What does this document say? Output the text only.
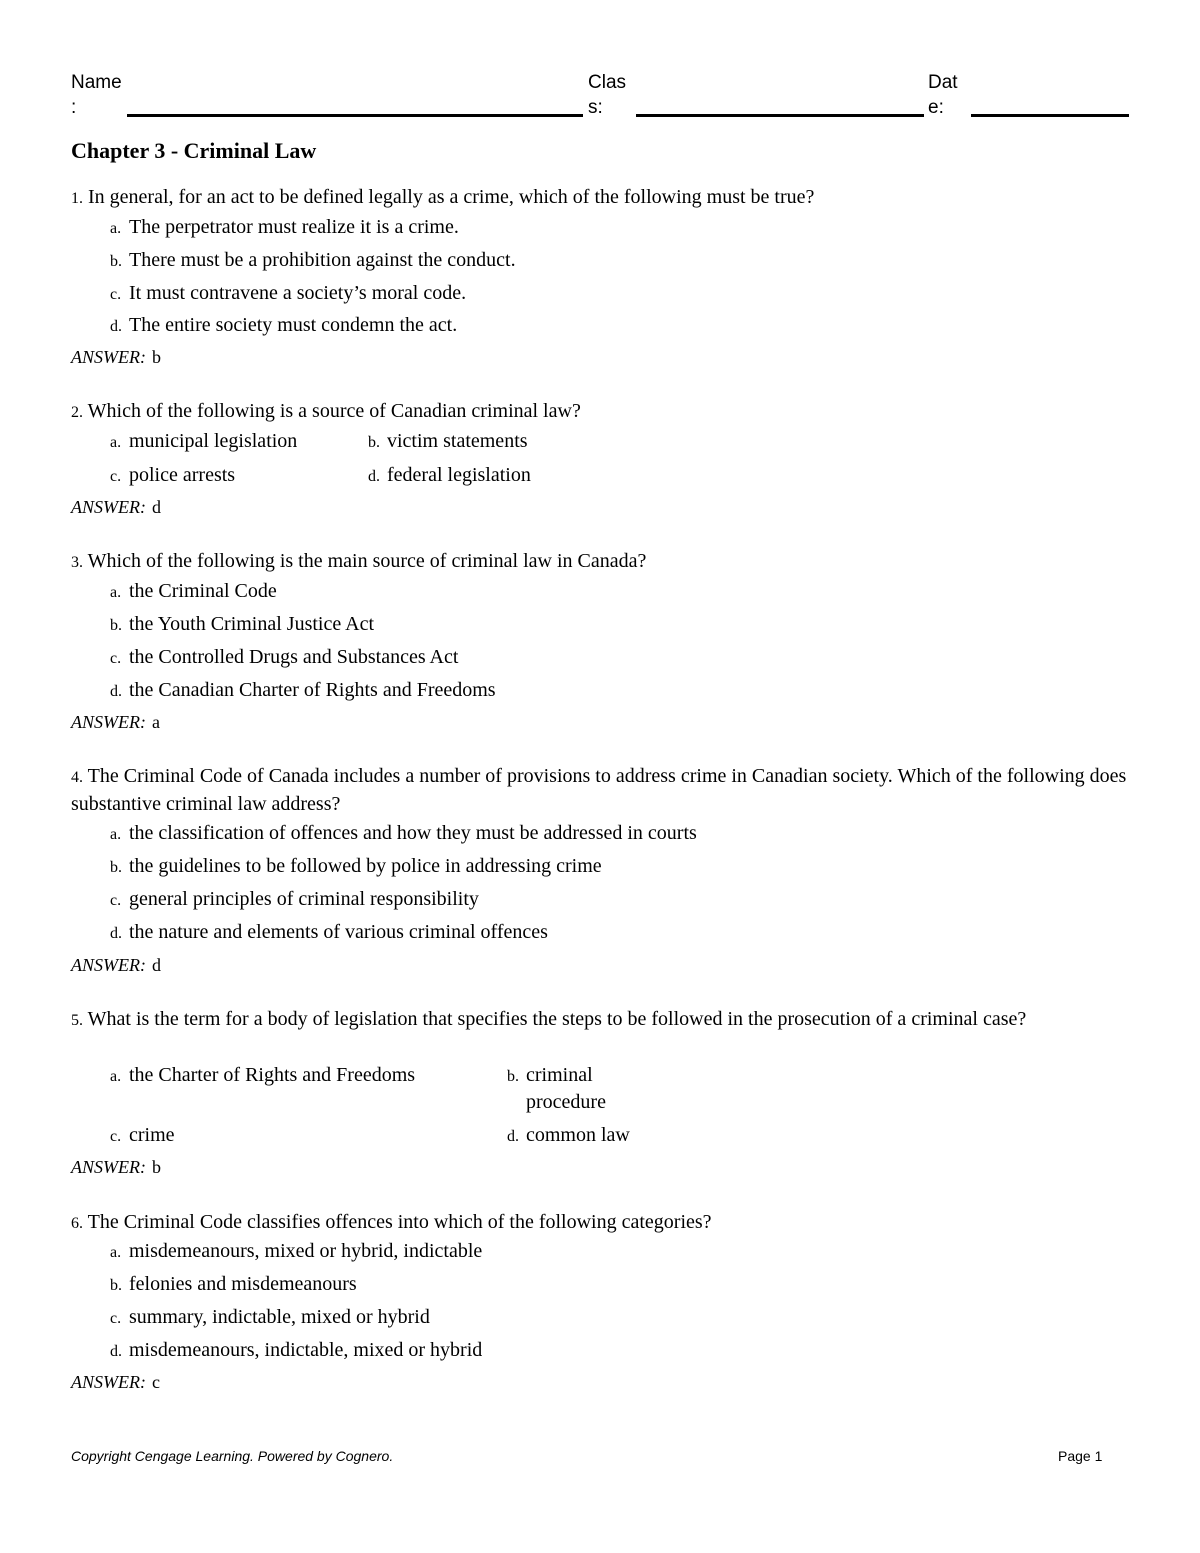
Name
:
Clas
s:
Dat
e:
Chapter 3 - Criminal Law
1. In general, for an act to be defined legally as a crime, which of the following must be true?
a. The perpetrator must realize it is a crime.
b. There must be a prohibition against the conduct.
c. It must contravene a society’s moral code.
d. The entire society must condemn the act.
ANSWER: b
2. Which of the following is a source of Canadian criminal law?
a. municipal legislation	b. victim statements
c. police arrests	d. federal legislation
ANSWER: d
3. Which of the following is the main source of criminal law in Canada?
a. the Criminal Code
b. the Youth Criminal Justice Act
c. the Controlled Drugs and Substances Act
d. the Canadian Charter of Rights and Freedoms
ANSWER: a
4. The Criminal Code of Canada includes a number of provisions to address crime in Canadian society. Which of the following does substantive criminal law address?
a. the classification of offences and how they must be addressed in courts
b. the guidelines to be followed by police in addressing crime
c. general principles of criminal responsibility
d. the nature and elements of various criminal offences
ANSWER: d
5. What is the term for a body of legislation that specifies the steps to be followed in the prosecution of a criminal case?
a. the Charter of Rights and Freedoms	b. criminal procedure
c. crime	d. common law
ANSWER: b
6. The Criminal Code classifies offences into which of the following categories?
a. misdemeanours, mixed or hybrid, indictable
b. felonies and misdemeanours
c. summary, indictable, mixed or hybrid
d. misdemeanours, indictable, mixed or hybrid
ANSWER: c
Copyright Cengage Learning. Powered by Cognero.	Page 1
